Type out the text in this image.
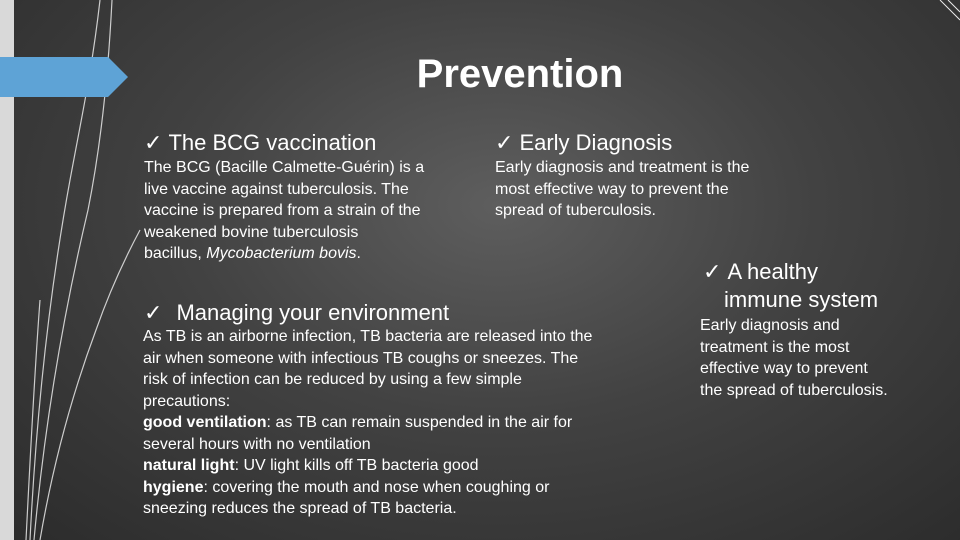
Prevention
✓ The BCG vaccination
The BCG (Bacille Calmette-Guérin) is a
live vaccine against tuberculosis. The
vaccine is prepared from a strain of the
weakened bovine tuberculosis
bacillus, Mycobacterium bovis.
✓ Early Diagnosis
Early diagnosis and treatment is the
most effective way to prevent the
spread of tuberculosis.
✓ Managing your environment
As TB is an airborne infection, TB bacteria are released into the
air when someone with infectious TB coughs or sneezes. The
risk of infection can be reduced by using a few simple
precautions:
good ventilation: as TB can remain suspended in the air for
several hours with no ventilation
natural light: UV light kills off TB bacteria good
hygiene: covering the mouth and nose when coughing or
sneezing reduces the spread of TB bacteria.
✓ A healthy
immune system
Early diagnosis and
treatment is the most
effective way to prevent
the spread of tuberculosis.
